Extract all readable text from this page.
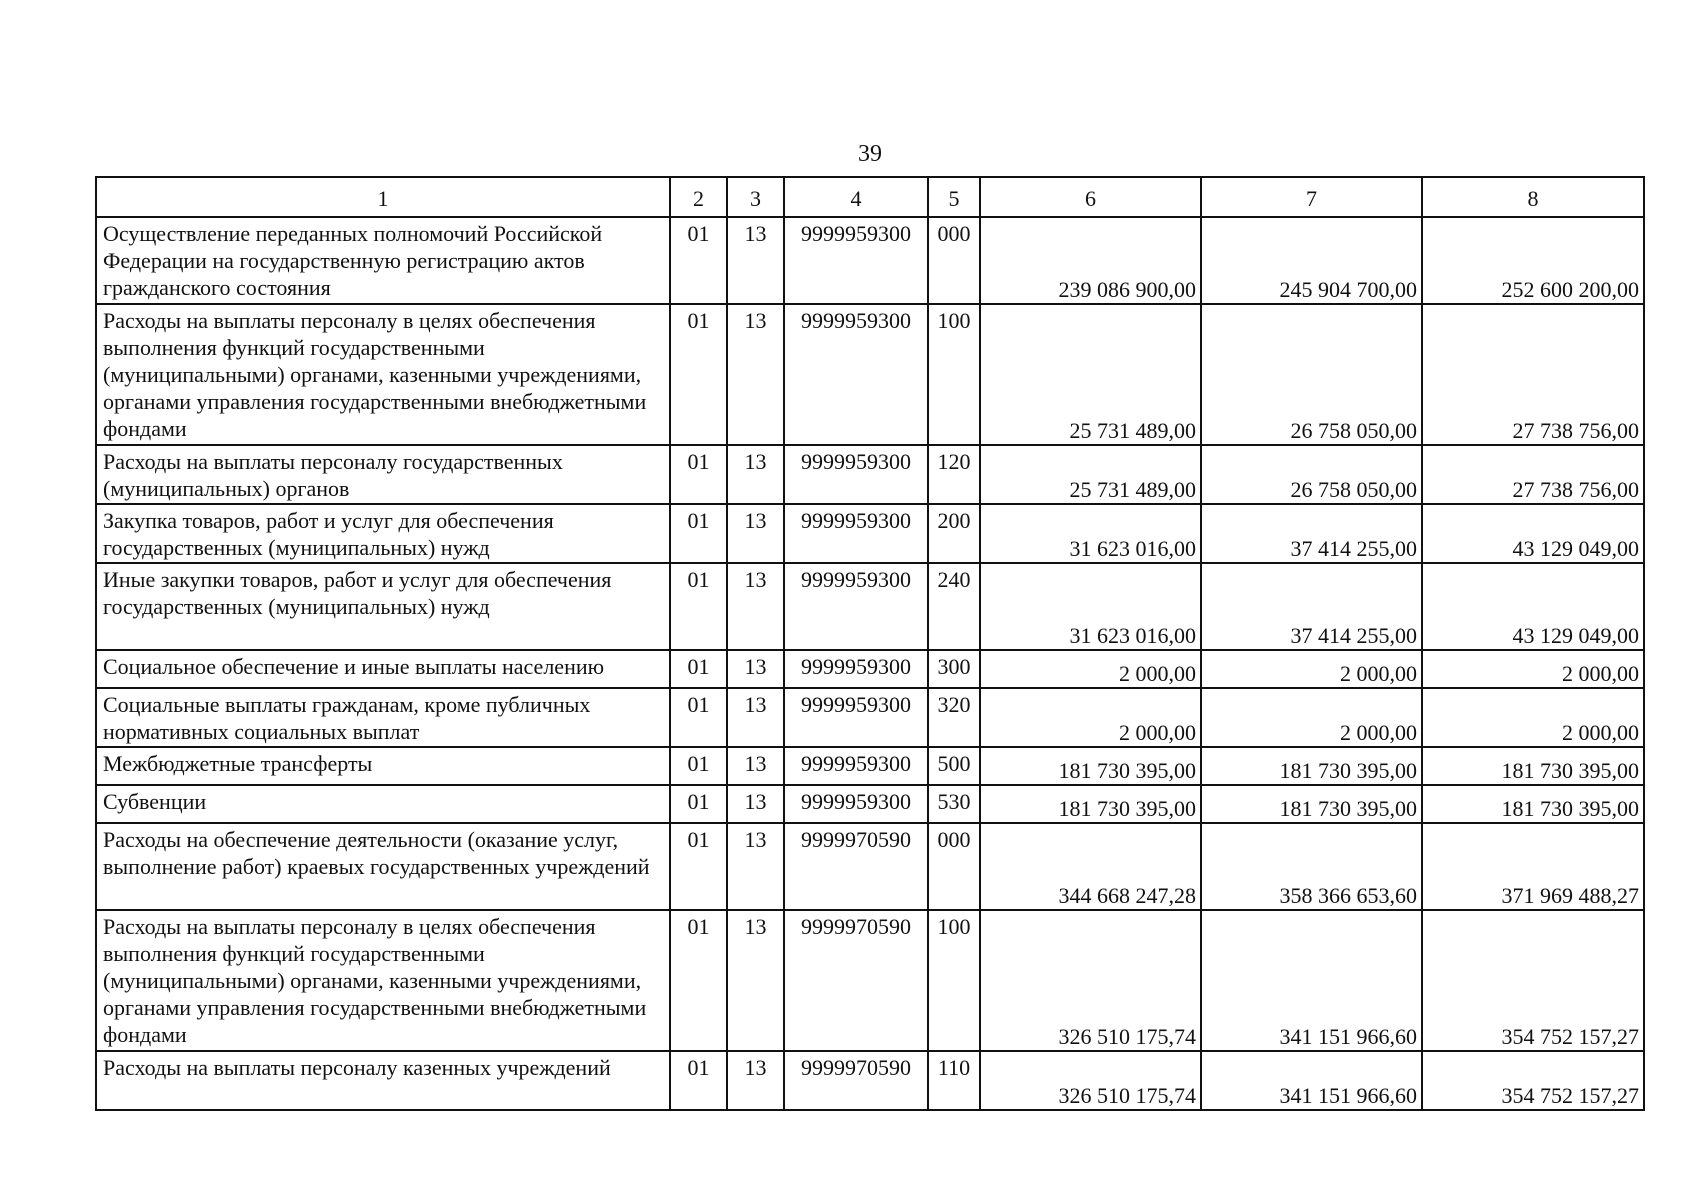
39
1	2	3	4	5	6	7	8
Осуществление переданных полномочий Российской Федерации на государственную регистрацию актов гражданского состояния	01	13	9999959300	000	239 086 900,00	245 904 700,00	252 600 200,00
Расходы на выплаты персоналу в целях обеспечения выполнения функций государственными (муниципальными) органами, казенными учреждениями, органами управления государственными внебюджетными фондами	01	13	9999959300	100	25 731 489,00	26 758 050,00	27 738 756,00
Расходы на выплаты персоналу государственных (муниципальных) органов	01	13	9999959300	120	25 731 489,00	26 758 050,00	27 738 756,00
Закупка товаров, работ и услуг для обеспечения государственных (муниципальных) нужд	01	13	9999959300	200	31 623 016,00	37 414 255,00	43 129 049,00
Иные закупки товаров, работ и услуг для обеспечения государственных (муниципальных) нужд	01	13	9999959300	240	31 623 016,00	37 414 255,00	43 129 049,00
Социальное обеспечение и иные выплаты населению	01	13	9999959300	300	2 000,00	2 000,00	2 000,00
Социальные выплаты гражданам, кроме публичных нормативных социальных выплат	01	13	9999959300	320	2 000,00	2 000,00	2 000,00
Межбюджетные трансферты	01	13	9999959300	500	181 730 395,00	181 730 395,00	181 730 395,00
Субвенции	01	13	9999959300	530	181 730 395,00	181 730 395,00	181 730 395,00
Расходы на обеспечение деятельности (оказание услуг, выполнение работ) краевых государственных учреждений	01	13	9999970590	000	344 668 247,28	358 366 653,60	371 969 488,27
Расходы на выплаты персоналу в целях обеспечения выполнения функций государственными (муниципальными) органами, казенными учреждениями, органами управления государственными внебюджетными фондами	01	13	9999970590	100	326 510 175,74	341 151 966,60	354 752 157,27
Расходы на выплаты персоналу казенных учреждений	01	13	9999970590	110	326 510 175,74	341 151 966,60	354 752 157,27
